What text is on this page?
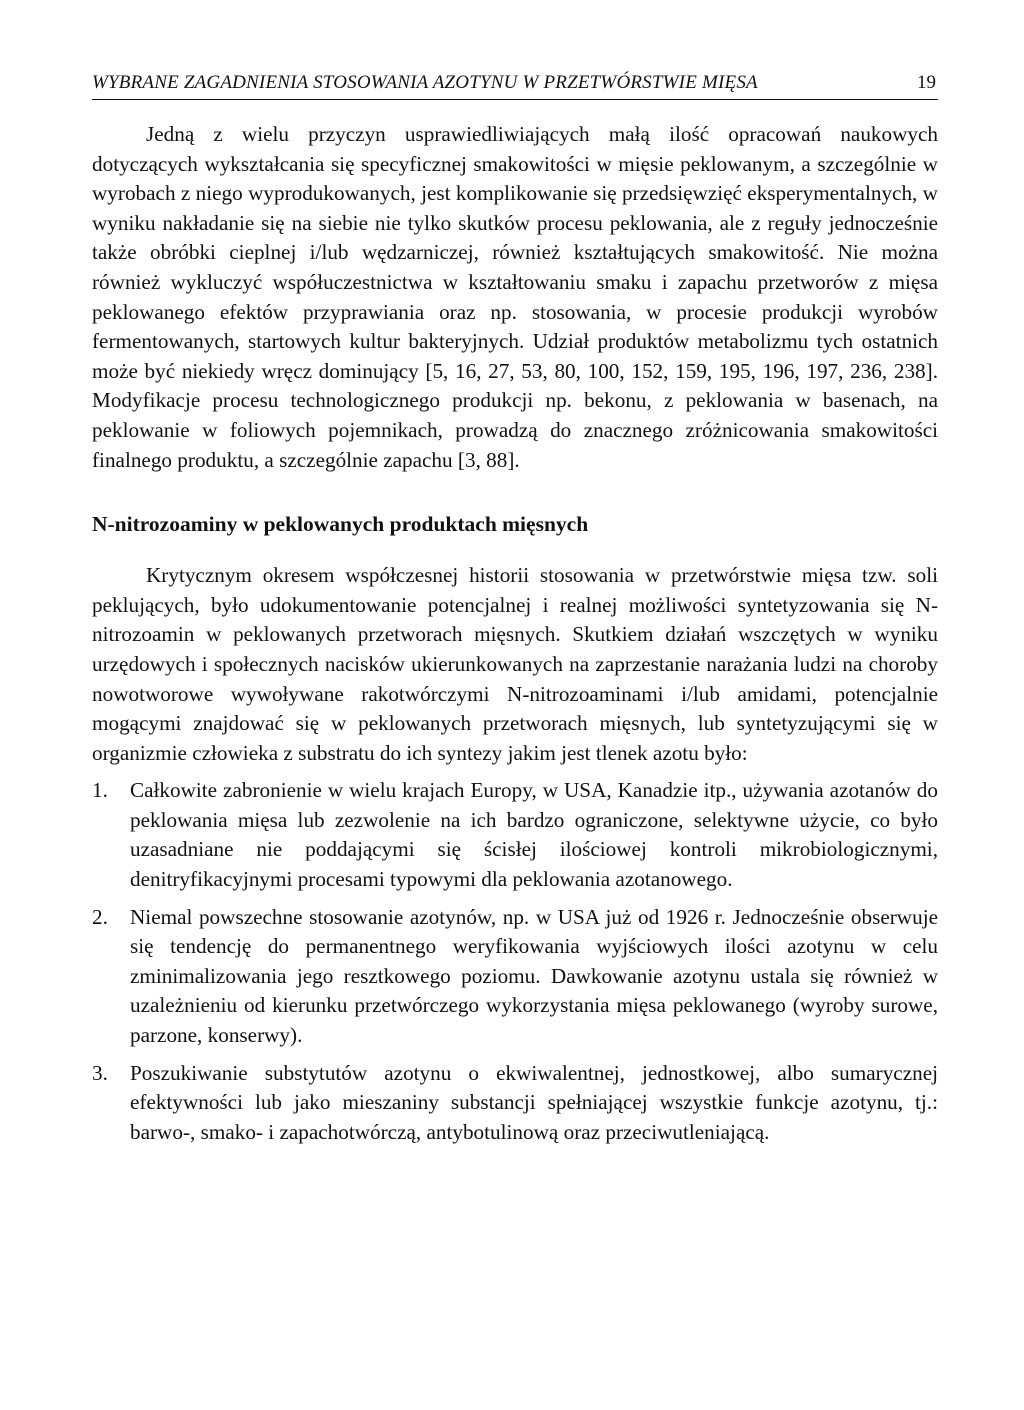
WYBRANE ZAGADNIENIA STOSOWANIA AZOTYNU W PRZETWÓRSTWIE MIĘSA	19

Jedną z wielu przyczyn usprawiedliwiających małą ilość opracowań naukowych dotyczących wykształcania się specyficznej smakowitości w mięsie peklowanym, a szczególnie w wyrobach z niego wyprodukowanych, jest komplikowanie się przedsięwzięć eksperymentalnych, w wyniku nakładanie się na siebie nie tylko skutków procesu peklowania, ale z reguły jednocześnie także obróbki cieplnej i/lub wędzarniczej, również kształtujących smakowitość. Nie można również wykluczyć współuczestnictwa w kształtowaniu smaku i zapachu przetworów z mięsa peklowanego efektów przyprawiania oraz np. stosowania, w procesie produkcji wyrobów fermentowanych, startowych kultur bakteryjnych. Udział produktów metabolizmu tych ostatnich może być niekiedy wręcz dominujący [5, 16, 27, 53, 80, 100, 152, 159, 195, 196, 197, 236, 238]. Modyfikacje procesu technologicznego produkcji np. bekonu, z peklowania w basenach, na peklowanie w foliowych pojemnikach, prowadzą do znacznego zróżnicowania smakowitości finalnego produktu, a szczególnie zapachu [3, 88].

N-nitrozoaminy w peklowanych produktach mięsnych

Krytycznym okresem współczesnej historii stosowania w przetwórstwie mięsa tzw. soli peklujących, było udokumentowanie potencjalnej i realnej możliwości syntetyzowania się N-nitrozoamin w peklowanych przetworach mięsnych. Skutkiem działań wszczętych w wyniku urzędowych i społecznych nacisków ukierunkowanych na zaprzestanie narażania ludzi na choroby nowotworowe wywoływane rakotwórczymi N-nitrozoaminami i/lub amidami, potencjalnie mogącymi znajdować się w peklowanych przetworach mięsnych, lub syntetyzującymi się w organizmie człowieka z substratu do ich syntezy jakim jest tlenek azotu było:

1.	Całkowite zabronienie w wielu krajach Europy, w USA, Kanadzie itp., używania azotanów do peklowania mięsa lub zezwolenie na ich bardzo ograniczone, selektywne użycie, co było uzasadniane nie poddającymi się ścisłej ilościowej kontroli mikrobiologicznymi, denitryfikacyjnymi procesami typowymi dla peklowania azotanowego.

2.	Niemal powszechne stosowanie azotynów, np. w USA już od 1926 r. Jednocześnie obserwuje się tendencję do permanentnego weryfikowania wyjściowych ilości azotynu w celu zminimalizowania jego resztkowego poziomu. Dawkowanie azotynu ustala się również w uzależnieniu od kierunku przetwórczego wykorzystania mięsa peklowanego (wyroby surowe, parzone, konserwy).

3.	Poszukiwanie substytutów azotynu o ekwiwalentnej, jednostkowej, albo sumarycznej efektywności lub jako mieszaniny substancji spełniającej wszystkie funkcje azotynu, tj.: barwo-, smako- i zapachotwórczą, antybotulinową oraz przeciwutleniającą.
